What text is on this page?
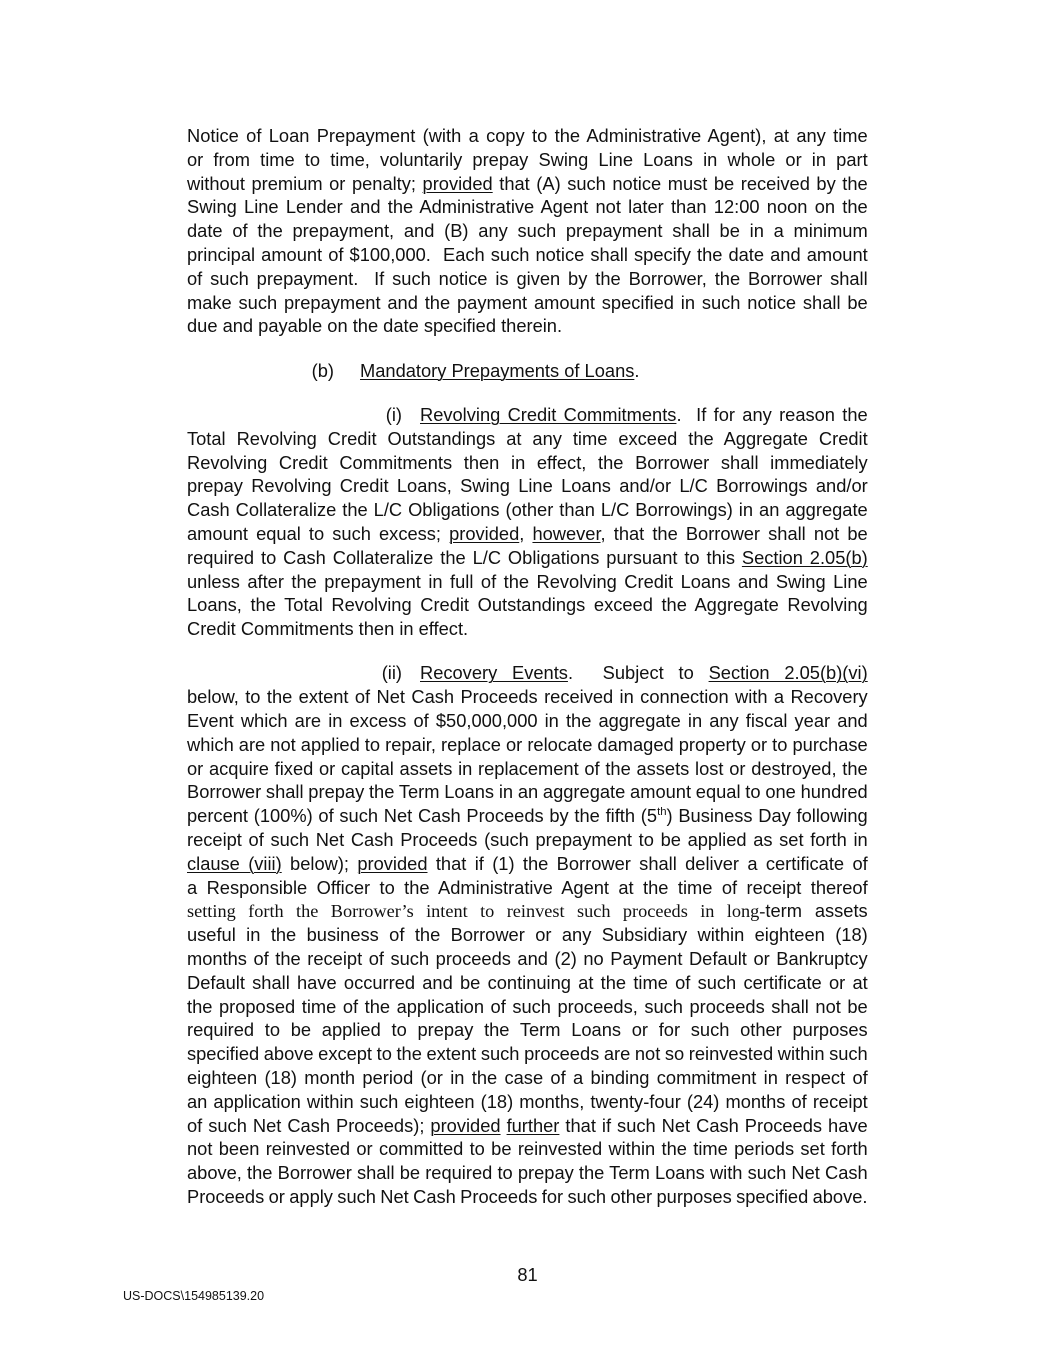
Notice of Loan Prepayment (with a copy to the Administrative Agent), at any time
or from time to time, voluntarily prepay Swing Line Loans in whole or in part
without premium or penalty; provided that (A) such notice must be received by the
Swing Line Lender and the Administrative Agent not later than 12:00 noon on the
date of the prepayment, and (B) any such prepayment shall be in a minimum
principal amount of $100,000.  Each such notice shall specify the date and amount
of such prepayment.  If such notice is given by the Borrower, the Borrower shall
make such prepayment and the payment amount specified in such notice shall be
due and payable on the date specified therein.
(b) Mandatory Prepayments of Loans.
(i) Revolving Credit Commitments.  If for any reason the
Total Revolving Credit Outstandings at any time exceed the Aggregate Credit
Revolving Credit Commitments then in effect, the Borrower shall immediately
prepay Revolving Credit Loans, Swing Line Loans and/or L/C Borrowings and/or
Cash Collateralize the L/C Obligations (other than L/C Borrowings) in an aggregate
amount equal to such excess; provided, however, that the Borrower shall not be
required to Cash Collateralize the L/C Obligations pursuant to this Section 2.05(b)
unless after the prepayment in full of the Revolving Credit Loans and Swing Line
Loans, the Total Revolving Credit Outstandings exceed the Aggregate Revolving
Credit Commitments then in effect.
(ii) Recovery Events.  Subject to Section 2.05(b)(vi)
below, to the extent of Net Cash Proceeds received in connection with a Recovery
Event which are in excess of $50,000,000 in the aggregate in any fiscal year and
which are not applied to repair, replace or relocate damaged property or to purchase
or acquire fixed or capital assets in replacement of the assets lost or destroyed, the
Borrower shall prepay the Term Loans in an aggregate amount equal to one hundred
percent (100%) of such Net Cash Proceeds by the fifth (5th) Business Day following
receipt of such Net Cash Proceeds (such prepayment to be applied as set forth in
clause (viii) below); provided that if (1) the Borrower shall deliver a certificate of
a Responsible Officer to the Administrative Agent at the time of receipt thereof
setting forth the Borrower’s intent to reinvest such proceeds in long-term assets
useful in the business of the Borrower or any Subsidiary within eighteen (18)
months of the receipt of such proceeds and (2) no Payment Default or Bankruptcy
Default shall have occurred and be continuing at the time of such certificate or at
the proposed time of the application of such proceeds, such proceeds shall not be
required to be applied to prepay the Term Loans or for such other purposes
specified above except to the extent such proceeds are not so reinvested within such
eighteen (18) month period (or in the case of a binding commitment in respect of
an application within such eighteen (18) months, twenty-four (24) months of receipt
of such Net Cash Proceeds); provided further that if such Net Cash Proceeds have
not been reinvested or committed to be reinvested within the time periods set forth
above, the Borrower shall be required to prepay the Term Loans with such Net Cash
Proceeds or apply such Net Cash Proceeds for such other purposes specified above.
81
US-DOCS\154985139.20
